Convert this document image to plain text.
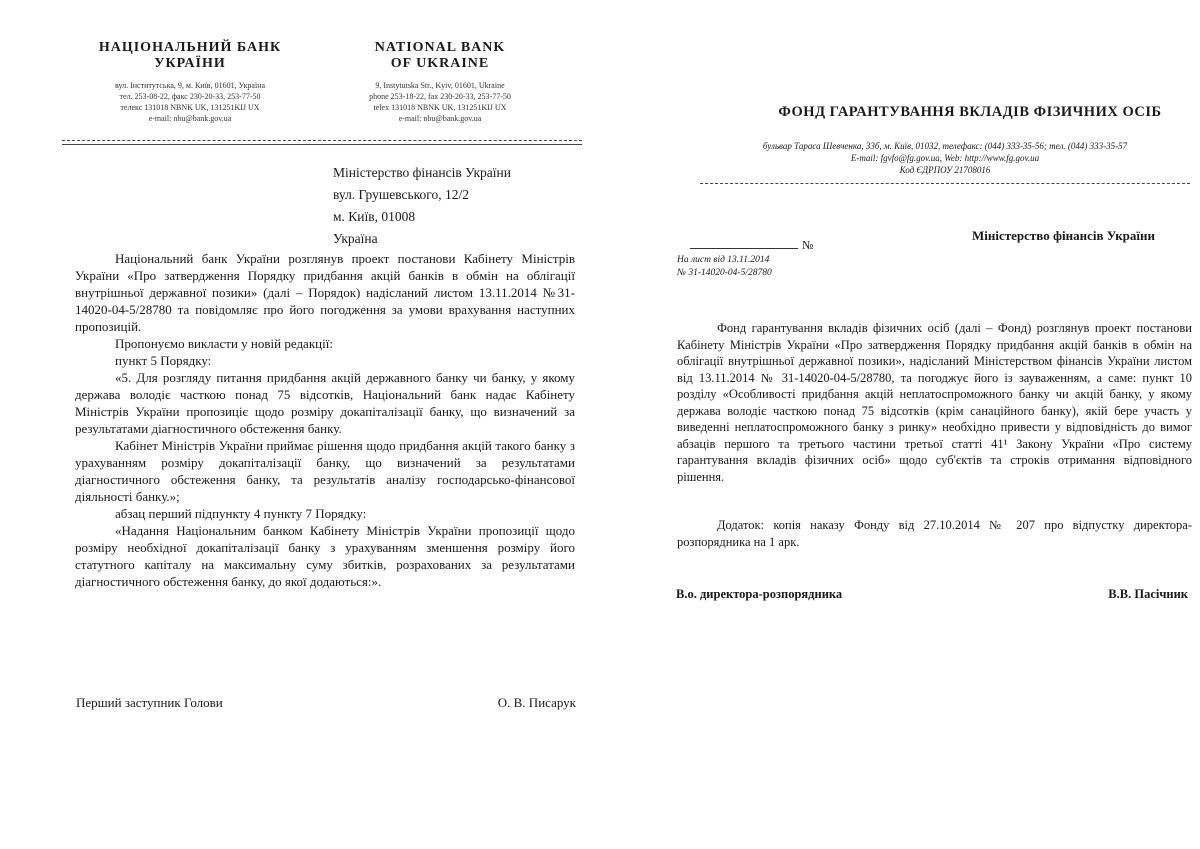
НАЦІОНАЛЬНИЙ БАНК
УКРАЇНИ
вул. Інститутська, 9, м. Київ, 01601, Україна
тел. 253-08-22, факс 230-20-33, 253-77-50
телекс 131018 NBNK UK, 131251KIJ UX
e-mail: nbu@bank.gov.ua
NATIONAL BANK
OF UKRAINE
9, Instytutska Str., Kyiv, 01601, Ukraine
phone 253-18-22, fax 230-20-33, 253-77-50
telex 131018 NBNK UK, 131251KIJ UX
e-mail: nbu@bank.gov.ua
Міністерство фінансів України
вул. Грушевського, 12/2
м. Київ, 01008
Україна

Національний банк України розглянув проект постанови Кабінету Міністрів України «Про затвердження Порядку придбання акцій банків в обмін на облігації внутрішньої державної позики» (далі – Порядок) надісланий листом 13.11.2014 №31-14020-04-5/28780 та повідомляє про його погодження за умови врахування наступних пропозицій.

Пропонуємо викласти у новій редакції:

пункт 5 Порядку:

«5. Для розгляду питання придбання акцій державного банку чи банку, у якому держава володіє часткою понад 75 відсотків, Національний банк надає Кабінету Міністрів України пропозиціє щодо розміру докапіталізації банку, що визначений за результатами діагностичного обстеження банку.

Кабінет Міністрів України приймає рішення щодо придбання акцій такого банку з урахуванням розміру докапіталізації банку, що визначений за результатами діагностичного обстеження банку, та результатів аналізу господарсько-фінансової діяльності банку.»;

абзац перший підпункту 4 пункту 7 Порядку:

«Надання Національним банком Кабінету Міністрів України пропозиції щодо розміру необхідної докапіталізації банку з урахуванням зменшення розміру його статутного капіталу на максимальну суму збитків, розрахованих за результатами діагностичного обстеження банку, до якої додаються:».

Перший заступник Голови	О. В. Писарук
ФОНД ГАРАНТУВАННЯ ВКЛАДІВ ФІЗИЧНИХ ОСІБ
бульвар Тараса Шевченка, 33б, м. Київ, 01032, телефакс: (044) 333-35-56; тел. (044) 333-35-57
E-mail: fgvfo@fg.gov.ua, Web: http://www.fg.gov.ua
Код ЄДРПОУ 21708016
№
На лист від 13.11.2014
№ 31-14020-04-5/28780
Міністерство фінансів України

Фонд гарантування вкладів фізичних осіб (далі – Фонд) розглянув проект постанови Кабінету Міністрів України «Про затвердження Порядку придбання акцій банків в обмін на облігації внутрішньої державної позики», надісланий Міністерством фінансів України листом від 13.11.2014 № 31-14020-04-5/28780, та погоджує його із зауваженням, а саме: пункт 10 розділу «Особливості придбання акцій неплатоспроможного банку чи акцій банку, у якому держава володіє часткою понад 75 відсотків (крім санаційного банку), якій бере участь у виведенні неплатоспроможного банку з ринку» необхідно привести у відповідність до вимог абзаців першого та третього частини третьої статті 41¹ Закону України «Про систему гарантування вкладів фізичних осіб» щодо суб'єктів та строків отримання відповідного рішення.

Додаток: копія наказу Фонду від 27.10.2014 № 207 про відпустку директора-розпорядника на 1 арк.
В.о. директора-розпорядника	В.В. Пасічник
